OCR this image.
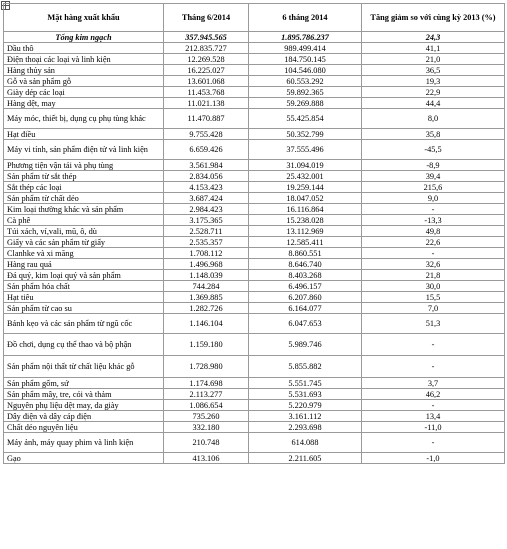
Mặt hàng xuất khẩu	Tháng 6/2014	6 tháng 2014	Tăng giảm so với cùng kỳ 2013 (%)
Tổng kim ngạch	357.945.565	1.895.786.237	24,3
Dầu thô	212.835.727	989.499.414	41,1
Điện thoại các loại và linh kiện	12.269.528	184.750.145	21,0
Hàng thủy sản	16.225.027	104.546.080	36,5
Gỗ và sản phẩm gỗ	13.601.068	60.553.292	19,3
Giày dép các loại	11.453.768	59.892.365	22,9
Hàng dệt, may	11.021.138	59.269.888	44,4
Máy móc, thiết bị, dụng cụ phụ tùng khác	11.470.887	55.425.854	8,0
Hạt điều	9.755.428	50.352.799	35,8
Máy vi tính, sản phẩm điện tử và linh kiện	6.659.426	37.555.496	-45,5
Phương tiện vận tải và phụ tùng	3.561.984	31.094.019	-8,9
Sản phẩm từ sắt thép	2.834.056	25.432.001	39,4
Sắt thép các loại	4.153.423	19.259.144	215,6
Sản phẩm từ chất dẻo	3.687.424	18.047.052	9,0
Kim loại thường khác và sản phẩm	2.984.423	16.116.864	-
Cà phê	3.175.365	15.238.028	-13,3
Túi xách, ví,vali, mũ, ô, dù	2.528.711	13.112.969	49,8
Giấy và các sản phẩm từ giấy	2.535.357	12.585.411	22,6
Clanhke và xi măng	1.708.112	8.860.551	-
Hàng rau quả	1.496.968	8.646.740	32,6
Đá quý, kim loại quý và sản phẩm	1.148.039	8.403.268	21,8
Sản phẩm hóa chất	744.284	6.496.157	30,0
Hạt tiêu	1.369.885	6.207.860	15,5
Sản phẩm từ cao su	1.282.726	6.164.077	7,0
Bánh kẹo và các sản phẩm từ ngũ cốc	1.146.104	6.047.653	51,3
Đồ chơi, dụng cụ thể thao và bộ phận	1.159.180	5.989.746	-
Sản phẩm nội thất từ chất liệu khác gỗ	1.728.980	5.855.882	-
Sản phẩm gốm, sứ	1.174.698	5.551.745	3,7
Sản phẩm mây, tre, cói và thảm	2.113.277	5.531.693	46,2
Nguyên phụ liệu dệt may, da giày	1.086.654	5.220.979	-
Dây điện và dây cáp điện	735.260	3.161.112	13,4
Chất dẻo nguyên liệu	332.180	2.293.698	-11,0
Máy ảnh, máy quay phim và linh kiện	210.748	614.088	-
Gạo	413.106	2.211.605	-1,0
